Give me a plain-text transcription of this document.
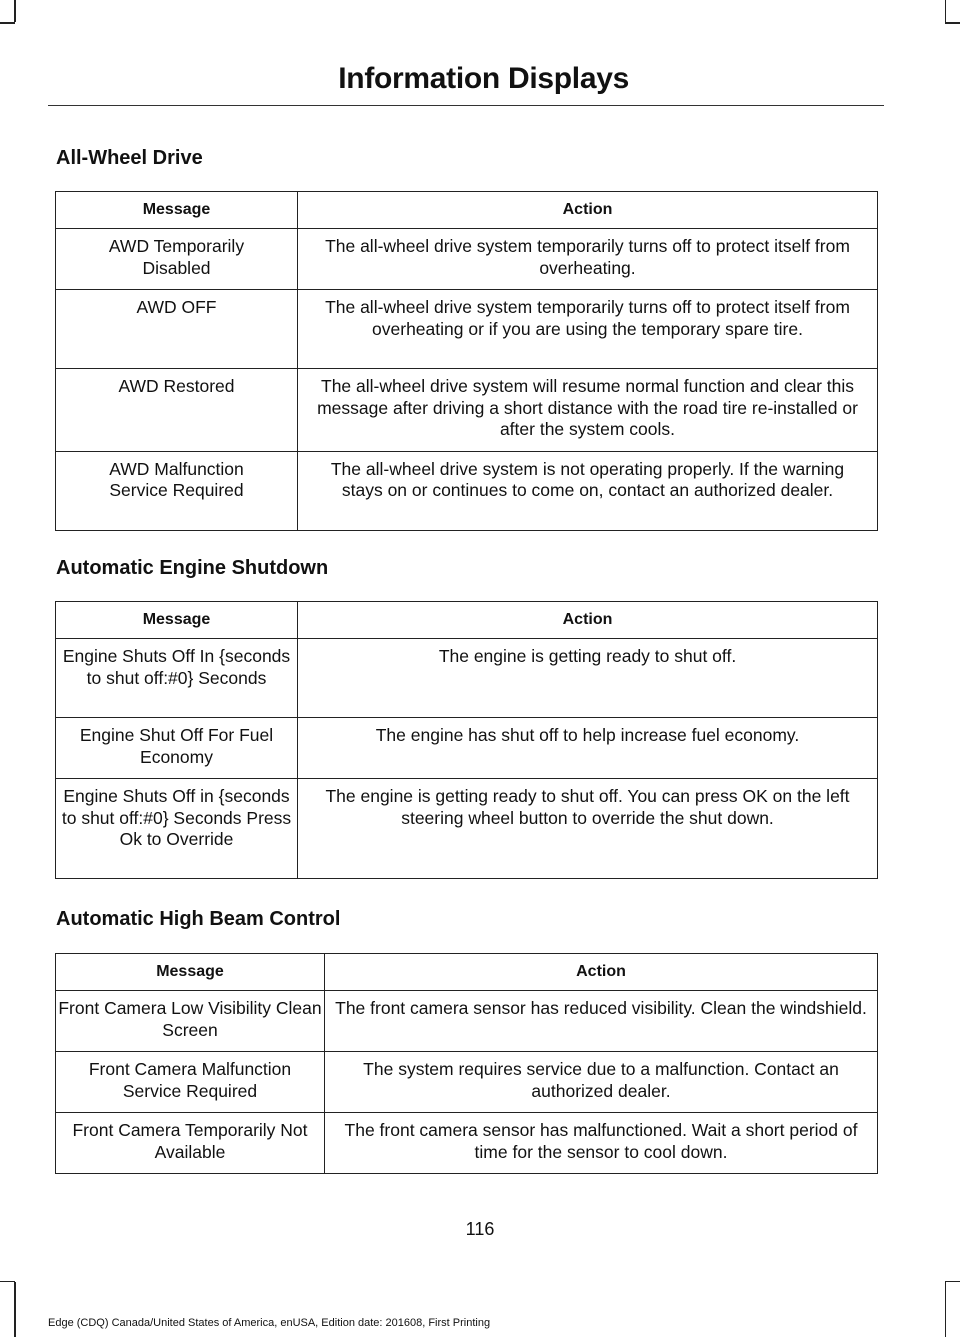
Information Displays
All-Wheel Drive
Message	Action
AWD Temporarily Disabled	The all-wheel drive system temporarily turns off to protect itself from overheating.
AWD OFF	The all-wheel drive system temporarily turns off to protect itself from overheating or if you are using the temporary spare tire.
AWD Restored	The all-wheel drive system will resume normal function and clear this message after driving a short distance with the road tire re-installed or after the system cools.
AWD Malfunction Service Required	The all-wheel drive system is not operating properly. If the warning stays on or continues to come on, contact an authorized dealer.
Automatic Engine Shutdown
Message	Action
Engine Shuts Off In {seconds to shut off:#0} Seconds	The engine is getting ready to shut off.
Engine Shut Off For Fuel Economy	The engine has shut off to help increase fuel economy.
Engine Shuts Off in {seconds to shut off:#0} Seconds Press Ok to Override	The engine is getting ready to shut off. You can press OK on the left steering wheel button to override the shut down.
Automatic High Beam Control
Message	Action
Front Camera Low Visibility Clean Screen	The front camera sensor has reduced visibility. Clean the windshield.
Front Camera Malfunction Service Required	The system requires service due to a malfunction. Contact an authorized dealer.
Front Camera Temporarily Not Available	The front camera sensor has malfunctioned. Wait a short period of time for the sensor to cool down.
116
Edge (CDQ) Canada/United States of America, enUSA, Edition date: 201608, First Printing
